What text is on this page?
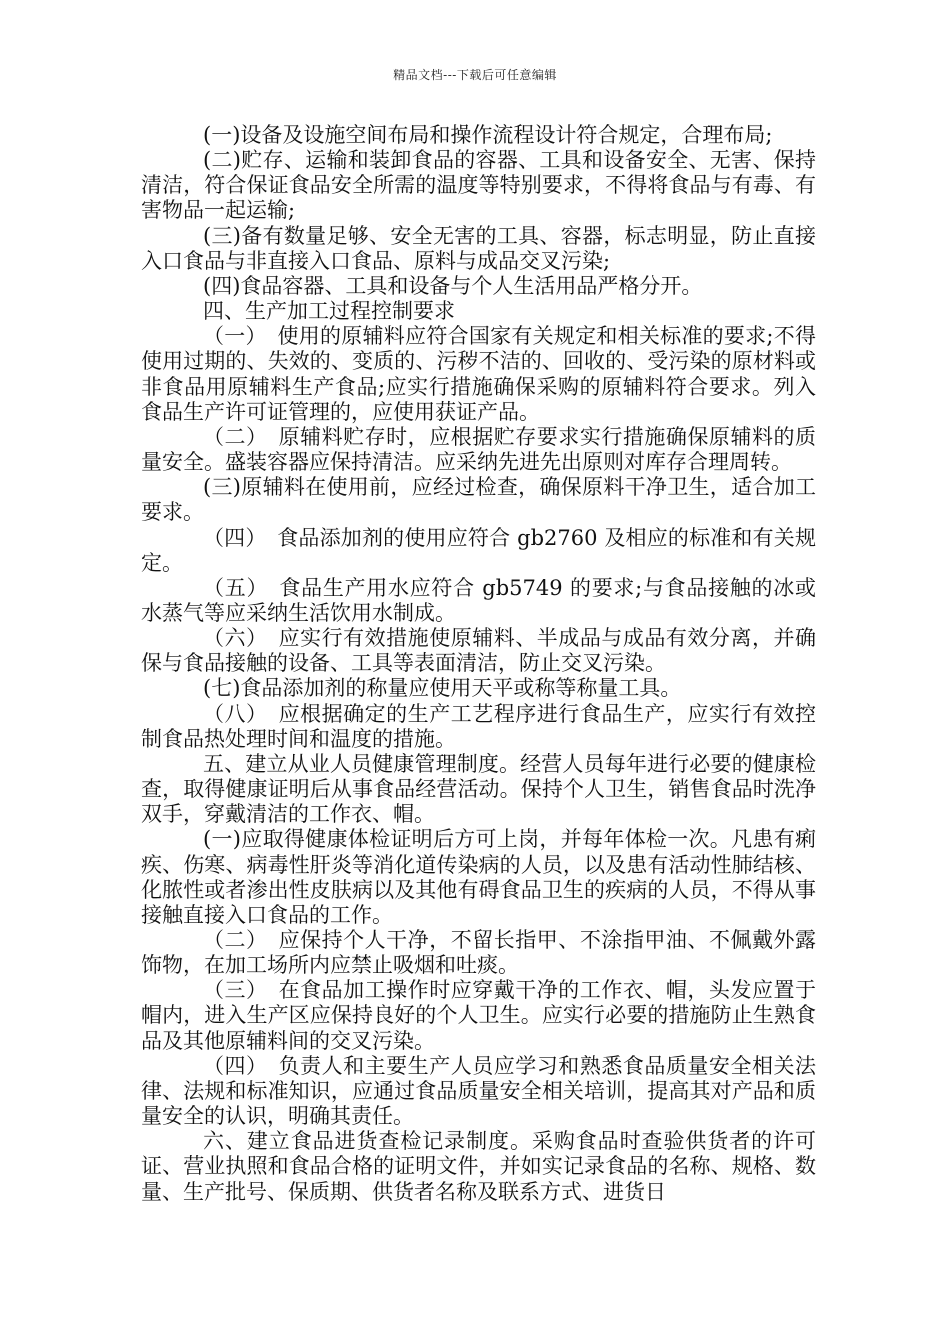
精品文档---下载后可任意编辑

(一)设备及设施空间布局和操作流程设计符合规定，合理布局;

(二)贮存、运输和装卸食品的容器、工具和设备安全、无害、保持清洁，符合保证食品安全所需的温度等特别要求，不得将食品与有毒、有害物品一起运输;

(三)备有数量足够、安全无害的工具、容器，标志明显，防止直接入口食品与非直接入口食品、原料与成品交叉污染;

(四)食品容器、工具和设备与个人生活用品严格分开。

四、生产加工过程控制要求

（一）　使用的原辅料应符合国家有关规定和相关标准的要求;不得使用过期的、失效的、变质的、污秽不洁的、回收的、受污染的原材料或非食品用原辅料生产食品;应实行措施确保采购的原辅料符合要求。列入食品生产许可证管理的，应使用获证产品。

（二）　原辅料贮存时，应根据贮存要求实行措施确保原辅料的质量安全。盛装容器应保持清洁。应采纳先进先出原则对库存合理周转。

(三)原辅料在使用前，应经过检查，确保原料干净卫生，适合加工要求。

（四）　食品添加剂的使用应符合 gb2760 及相应的标准和有关规定。

（五）　食品生产用水应符合 gb5749 的要求;与食品接触的冰或水蒸气等应采纳生活饮用水制成。

（六）　应实行有效措施使原辅料、半成品与成品有效分离，并确保与食品接触的设备、工具等表面清洁，防止交叉污染。

(七)食品添加剂的称量应使用天平或称等称量工具。

（八）　应根据确定的生产工艺程序进行食品生产，应实行有效控制食品热处理时间和温度的措施。

五、建立从业人员健康管理制度。经营人员每年进行必要的健康检查，取得健康证明后从事食品经营活动。保持个人卫生，销售食品时洗净双手，穿戴清洁的工作衣、帽。

(一)应取得健康体检证明后方可上岗，并每年体检一次。凡患有痢疾、伤寒、病毒性肝炎等消化道传染病的人员，以及患有活动性肺结核、化脓性或者渗出性皮肤病以及其他有碍食品卫生的疾病的人员，不得从事接触直接入口食品的工作。

（二）　应保持个人干净，不留长指甲、不涂指甲油、不佩戴外露饰物，在加工场所内应禁止吸烟和吐痰。

（三）　在食品加工操作时应穿戴干净的工作衣、帽，头发应置于帽内，进入生产区应保持良好的个人卫生。应实行必要的措施防止生熟食品及其他原辅料间的交叉污染。

（四）　负责人和主要生产人员应学习和熟悉食品质量安全相关法律、法规和标准知识，应通过食品质量安全相关培训，提高其对产品和质量安全的认识，明确其责任。

六、建立食品进货查检记录制度。采购食品时查验供货者的许可证、营业执照和食品合格的证明文件，并如实记录食品的名称、规格、数量、生产批号、保质期、供货者名称及联系方式、进货日
